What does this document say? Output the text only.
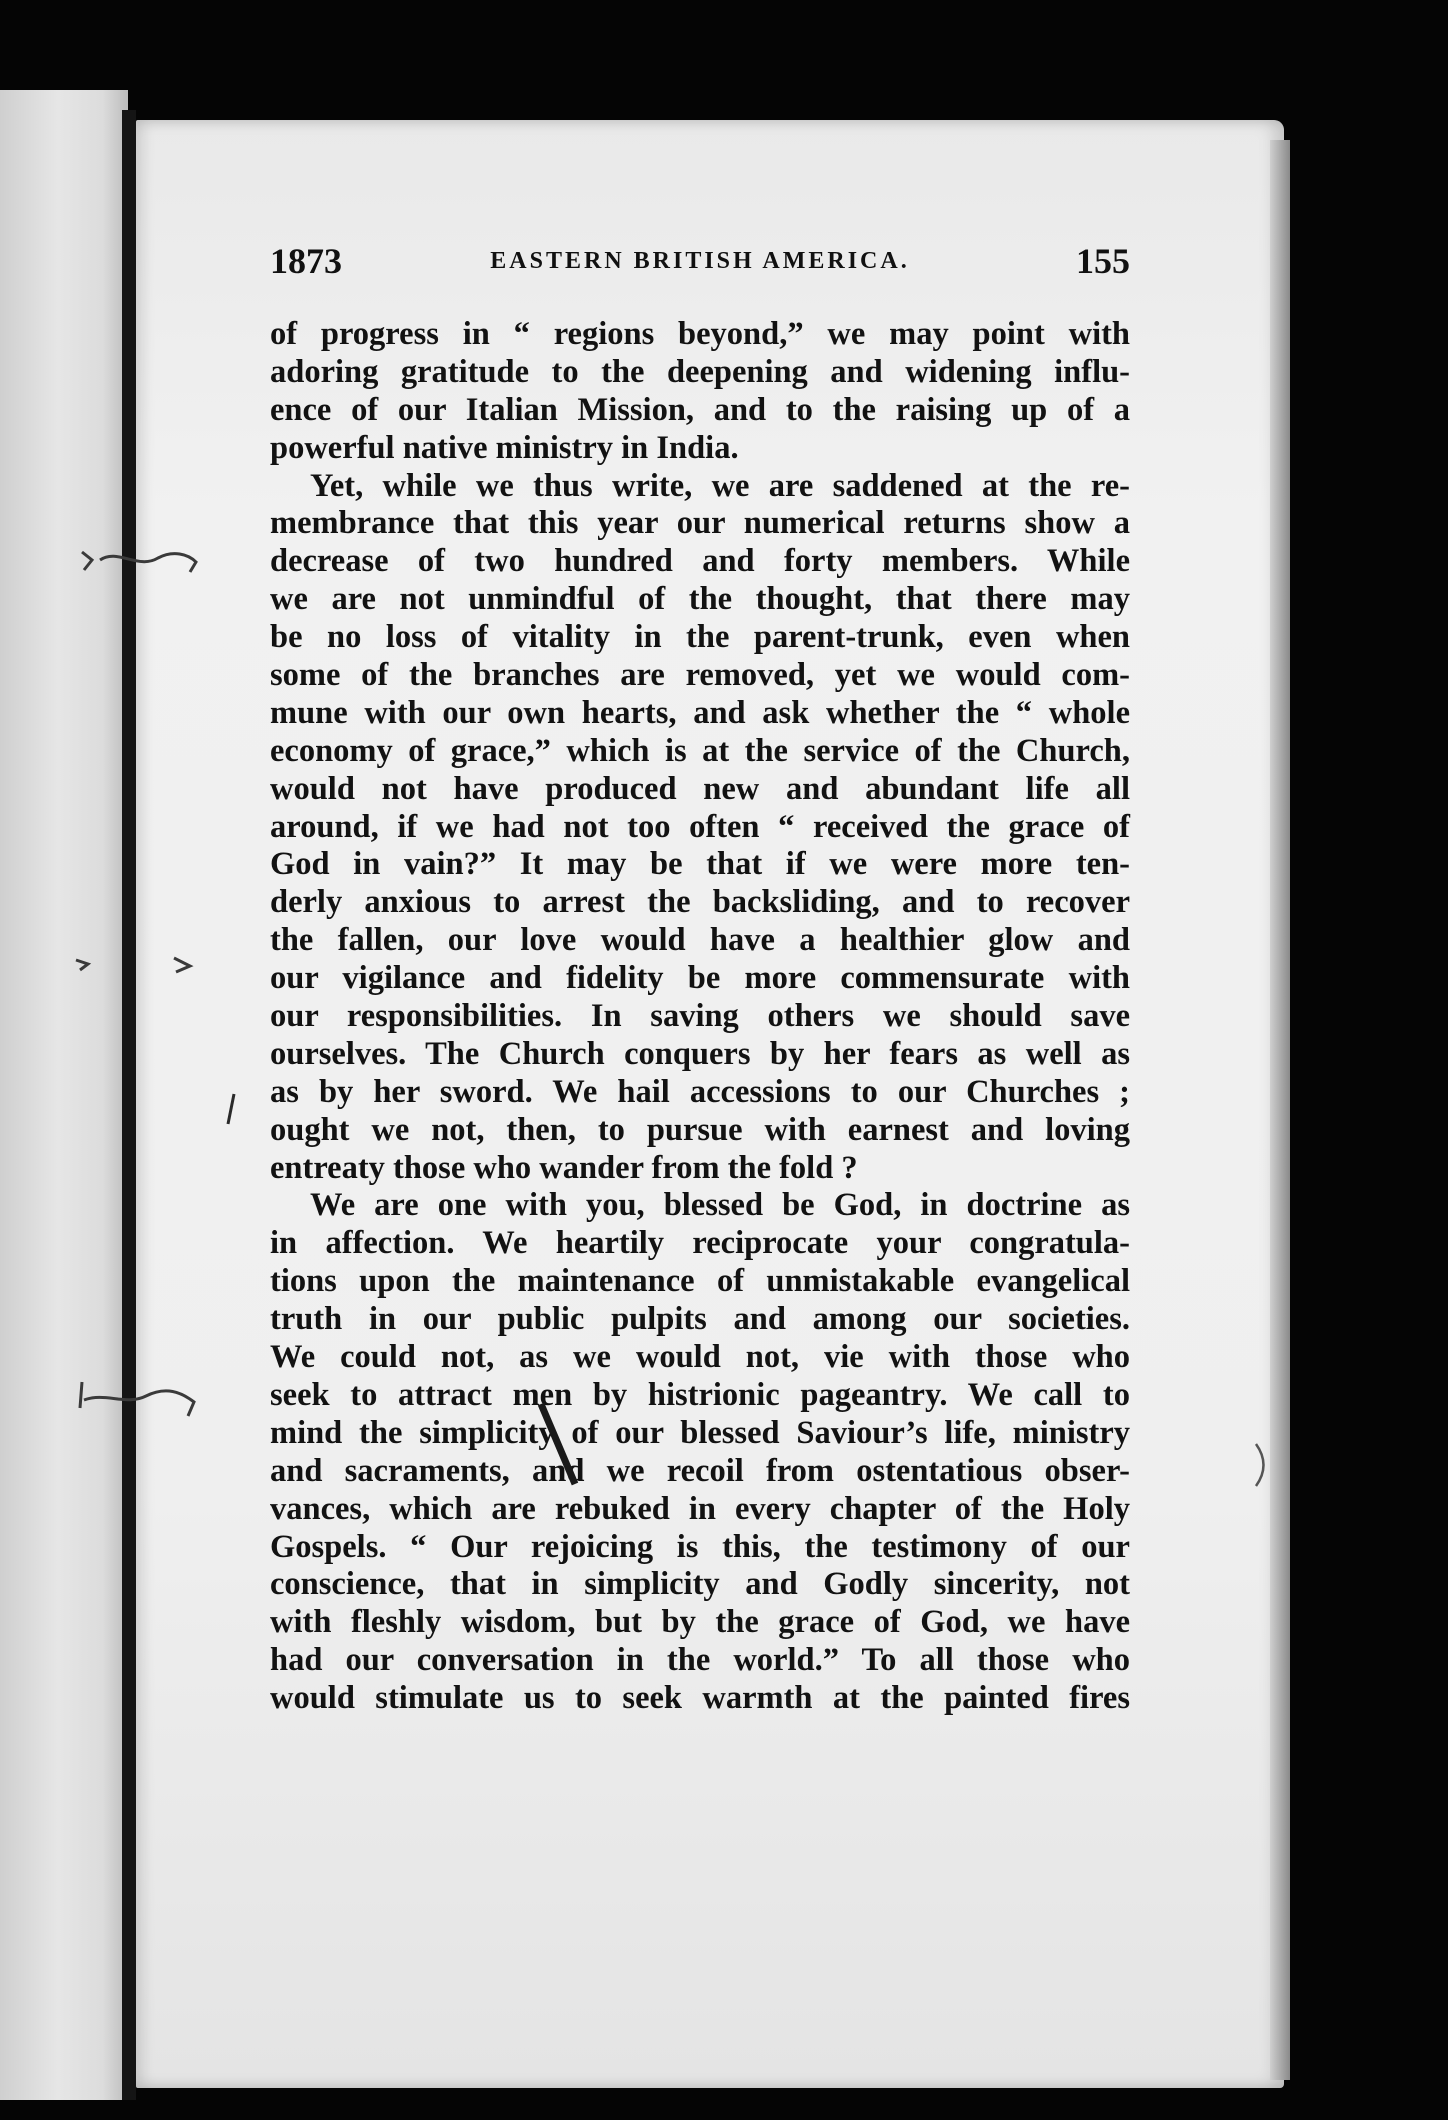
1873	EASTERN BRITISH AMERICA.	155
of progress in “ regions beyond,” we may point with
adoring gratitude to the deepening and widening influ-
ence of our Italian Mission, and to the raising up of a
powerful native ministry in India.
Yet, while we thus write, we are saddened at the re-
membrance that this year our numerical returns show a
decrease of two hundred and forty members. While
we are not unmindful of the thought, that there may
be no loss of vitality in the parent-trunk, even when
some of the branches are removed, yet we would com-
mune with our own hearts, and ask whether the “ whole
economy of grace,” which is at the service of the Church,
would not have produced new and abundant life all
around, if we had not too often “ received the grace of
God in vain?” It may be that if we were more ten-
derly anxious to arrest the backsliding, and to recover
the fallen, our love would have a healthier glow and
our vigilance and fidelity be more commensurate with
our responsibilities. In saving others we should save
ourselves. The Church conquers by her fears as well as
as by her sword. We hail accessions to our Churches ;
ought we not, then, to pursue with earnest and loving
entreaty those who wander from the fold ?
We are one with you, blessed be God, in doctrine as
in affection. We heartily reciprocate your congratula-
tions upon the maintenance of unmistakable evangelical
truth in our public pulpits and among our societies.
We could not, as we would not, vie with those who
seek to attract men by histrionic pageantry. We call to
mind the simplicity of our blessed Saviour’s life, ministry
and sacraments, and we recoil from ostentatious obser-
vances, which are rebuked in every chapter of the Holy
Gospels. “ Our rejoicing is this, the testimony of our
conscience, that in simplicity and Godly sincerity, not
with fleshly wisdom, but by the grace of God, we have
had our conversation in the world.” To all those who
would stimulate us to seek warmth at the painted fires
